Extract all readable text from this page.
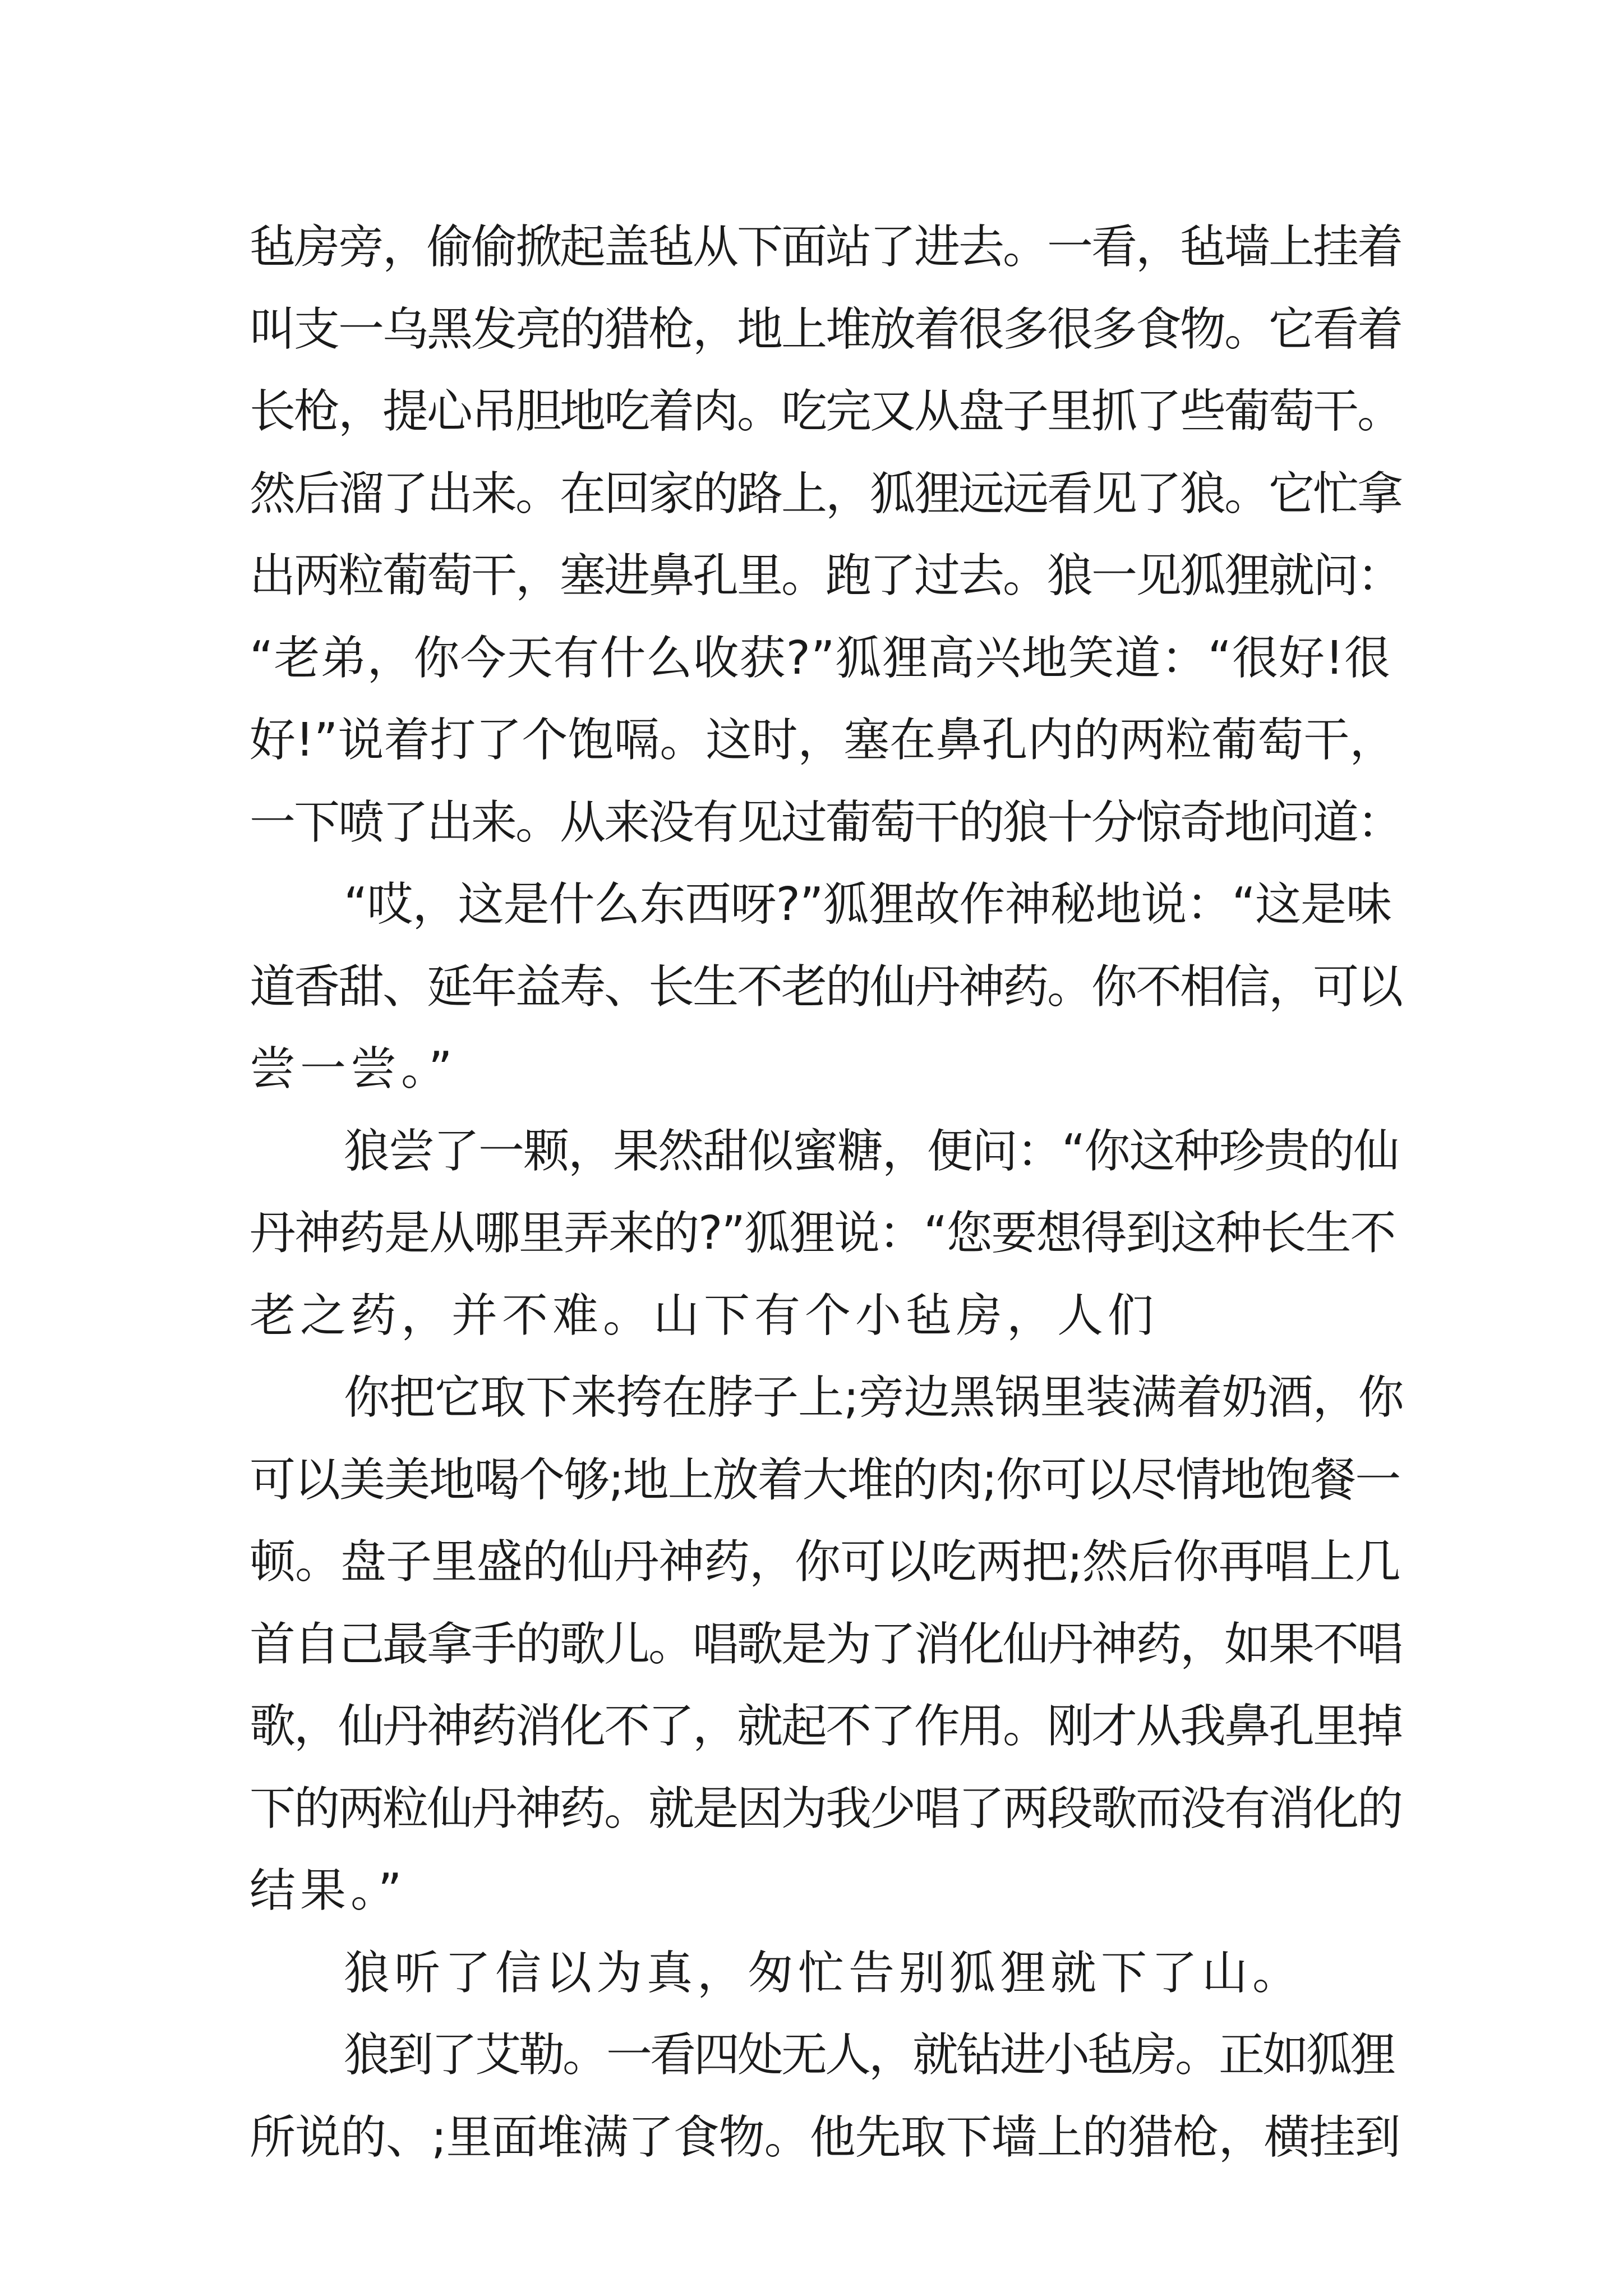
毡房旁，偷偷掀起盖毡从下面站了进去。一看，毡墙上挂着
叫支一乌黑发亮的猎枪，地上堆放着很多很多食物。它看着
长枪，提心吊胆地吃着肉。吃完又从盘子里抓了些葡萄干。
然后溜了出来。在回家的路上，狐狸远远看见了狼。它忙拿
出两粒葡萄干，塞进鼻孔里。跑了过去。狼一见狐狸就问：
“老弟，你今天有什么收获?”狐狸高兴地笑道：“很好!很
好!”说着打了个饱嗝。这时，塞在鼻孔内的两粒葡萄干，
一下喷了出来。从来没有见过葡萄干的狼十分惊奇地问道：
“哎，这是什么东西呀?”狐狸故作神秘地说：“这是味
道香甜、延年益寿、长生不老的仙丹神药。你不相信，可以
尝一尝。”
狼尝了一颗，果然甜似蜜糖，便问：“你这种珍贵的仙
丹神药是从哪里弄来的?”狐狸说：“您要想得到这种长生不
老之药，并不难。山下有个小毡房，人们
你把它取下来挎在脖子上;旁边黑锅里装满着奶酒，你
可以美美地喝个够;地上放着大堆的肉;你可以尽情地饱餐一
顿。盘子里盛的仙丹神药，你可以吃两把;然后你再唱上几
首自己最拿手的歌儿。唱歌是为了消化仙丹神药，如果不唱
歌，仙丹神药消化不了，就起不了作用。刚才从我鼻孔里掉
下的两粒仙丹神药。就是因为我少唱了两段歌而没有消化的
结果。”
狼听了信以为真，匆忙告别狐狸就下了山。
狼到了艾勒。一看四处无人，就钻进小毡房。正如狐狸
所说的、;里面堆满了食物。他先取下墙上的猎枪，横挂到
